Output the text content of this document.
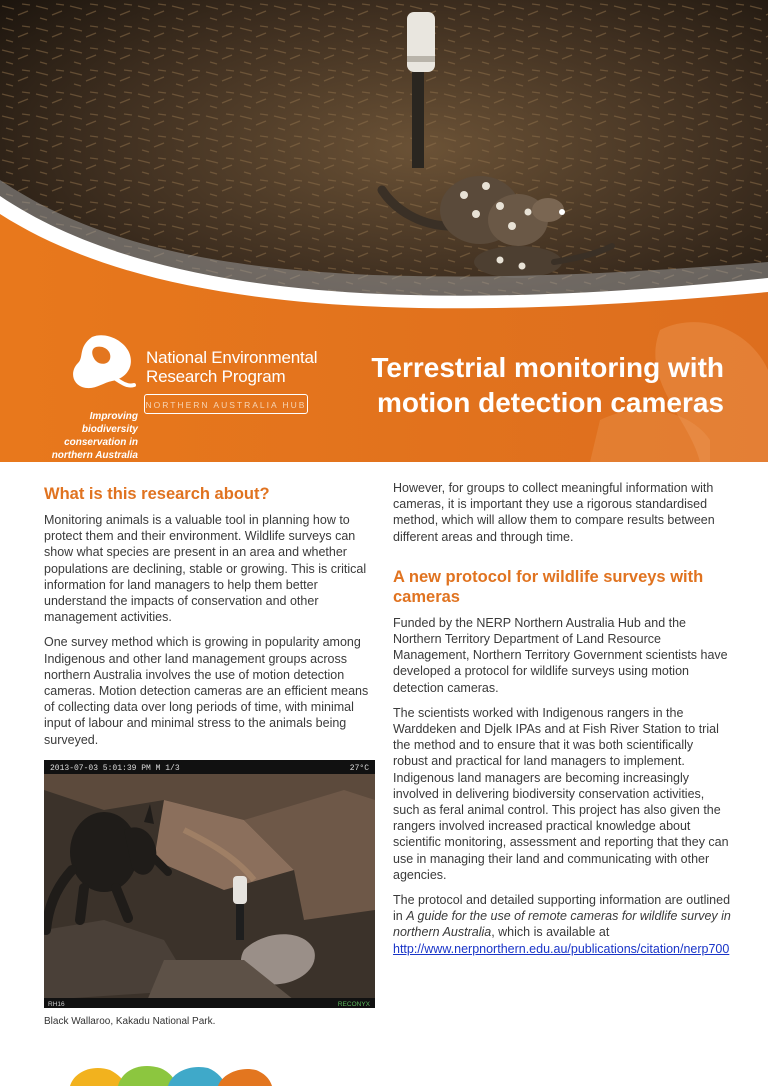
National Environmental
Research Program
NORTHERN AUSTRALIA HUB
Improving biodiversity
conservation in
northern Australia
Terrestrial monitoring with
motion detection cameras
What is this research about?

Monitoring animals is a valuable tool in planning how to protect them and their environment. Wildlife surveys can show what species are present in an area and whether populations are declining, stable or growing. This is critical information for land managers to help them better understand the impacts of conservation and other management activities.

One survey method which is growing in popularity among Indigenous and other land management groups across northern Australia involves the use of motion detection cameras. Motion detection cameras are an efficient means of collecting data over long periods of time, with minimal input of labour and minimal stress to the animals being surveyed.

2013-07-03 5:01:39 PM M 1/3	27°C
RH16	RECONYX
Black Wallaroo, Kakadu National Park.

However, for groups to collect meaningful information with cameras, it is important they use a rigorous standardised method, which will allow them to compare results between different areas and through time.

A new protocol for wildlife surveys with cameras

Funded by the NERP Northern Australia Hub and the Northern Territory Department of Land Resource Management, Northern Territory Government scientists have developed a protocol for wildlife surveys using motion detection cameras.

The scientists worked with Indigenous rangers in the Warddeken and Djelk IPAs and at Fish River Station to trial the method and to ensure that it was both scientifically robust and practical for land managers to implement. Indigenous land managers are becoming increasingly involved in delivering biodiversity conservation activities, such as feral animal control. This project has also given the rangers involved increased practical knowledge about scientific monitoring, assessment and reporting that they can use in managing their land and communicating with other agencies.

The protocol and detailed supporting information are outlined in A guide for the use of remote cameras for wildlife survey in northern Australia, which is available at http://www.nerpnorthern.edu.au/publications/citation/nerp700
